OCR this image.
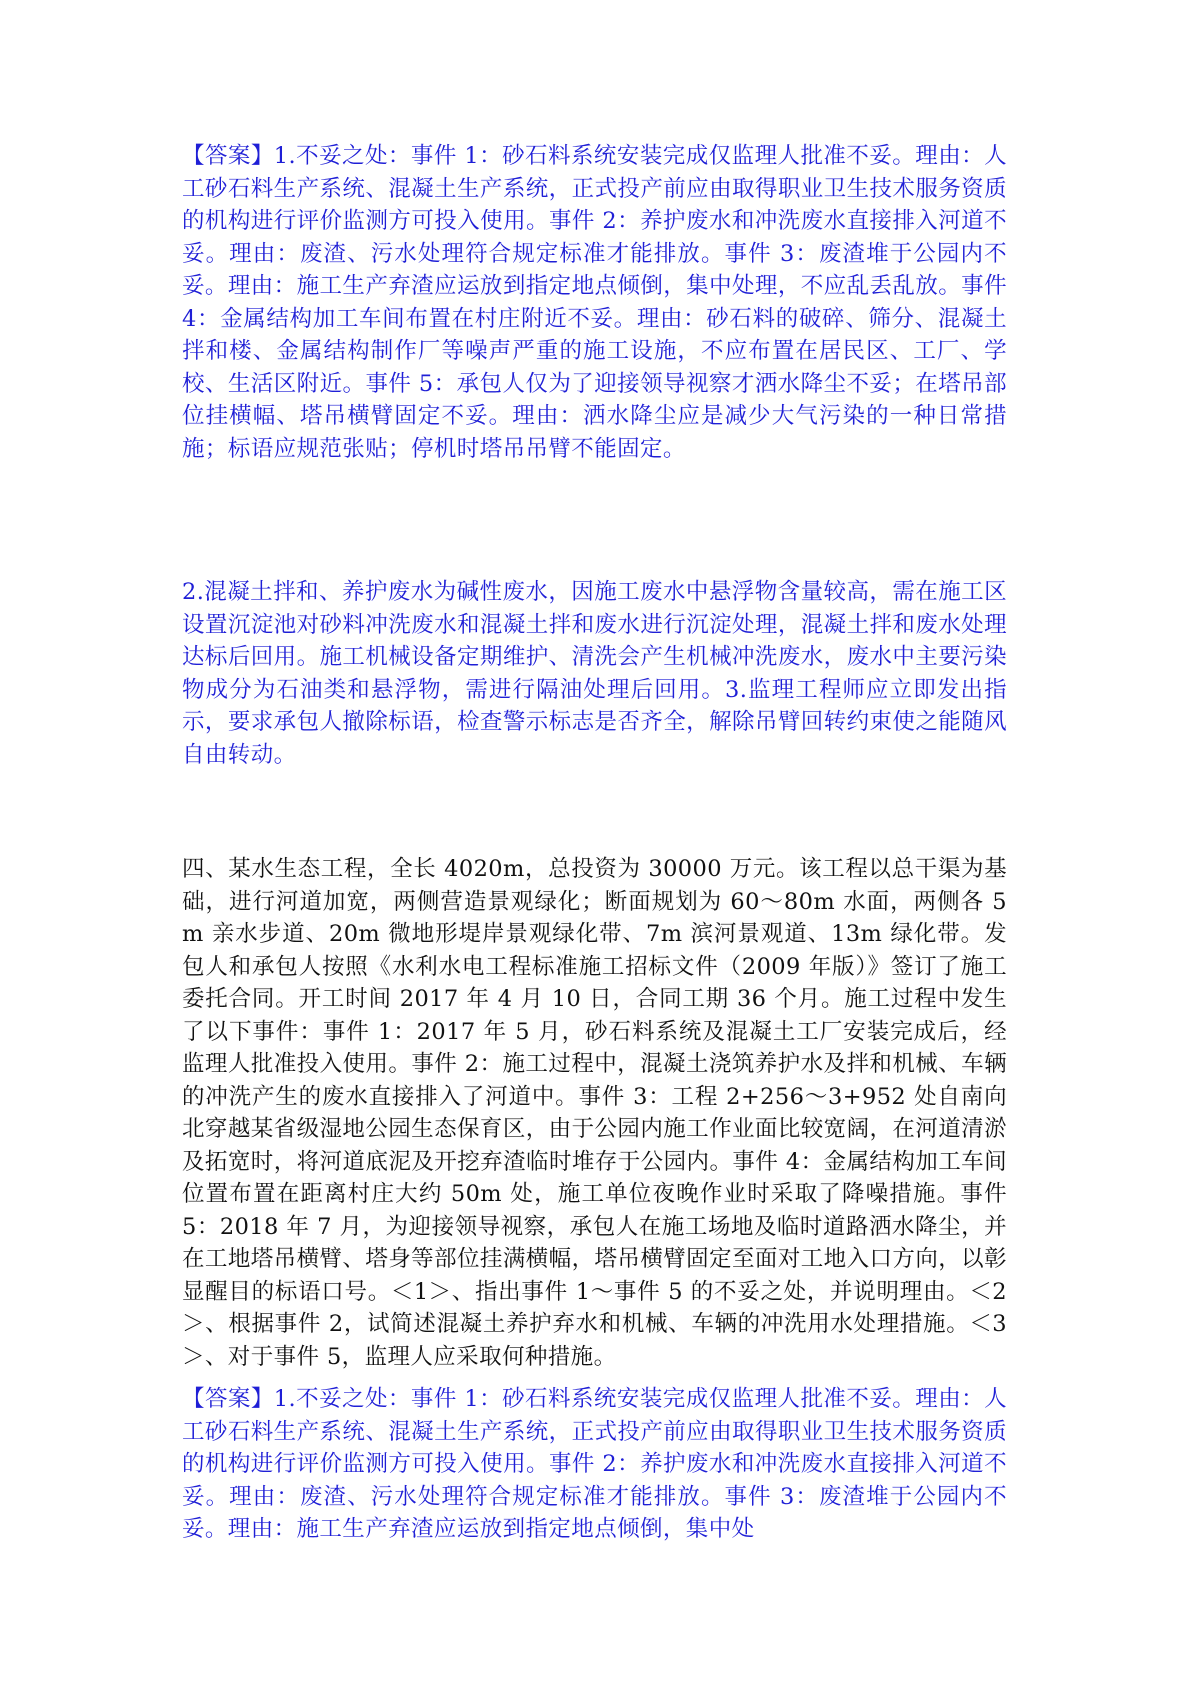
【答案】1.不妥之处：事件 1：砂石料系统安装完成仅监理人批准不妥。理由：人工砂石料生产系统、混凝土生产系统，正式投产前应由取得职业卫生技术服务资质的机构进行评价监测方可投入使用。事件 2：养护废水和冲洗废水直接排入河道不妥。理由：废渣、污水处理符合规定标准才能排放。事件 3：废渣堆于公园内不妥。理由：施工生产弃渣应运放到指定地点倾倒，集中处理，不应乱丢乱放。事件 4：金属结构加工车间布置在村庄附近不妥。理由：砂石料的破碎、筛分、混凝土拌和楼、金属结构制作厂等噪声严重的施工设施，不应布置在居民区、工厂、学校、生活区附近。事件 5：承包人仅为了迎接领导视察才洒水降尘不妥；在塔吊部位挂横幅、塔吊横臂固定不妥。理由：洒水降尘应是减少大气污染的一种日常措施；标语应规范张贴；停机时塔吊吊臂不能固定。

2.混凝土拌和、养护废水为碱性废水，因施工废水中悬浮物含量较高，需在施工区设置沉淀池对砂料冲洗废水和混凝土拌和废水进行沉淀处理，混凝土拌和废水处理达标后回用。施工机械设备定期维护、清洗会产生机械冲洗废水，废水中主要污染物成分为石油类和悬浮物，需进行隔油处理后回用。3.监理工程师应立即发出指示，要求承包人撤除标语，检查警示标志是否齐全，解除吊臂回转约束使之能随风自由转动。

四、某水生态工程，全长 4020m，总投资为 30000 万元。该工程以总干渠为基础，进行河道加宽，两侧营造景观绿化；断面规划为 60～80m 水面，两侧各 5m 亲水步道、20m 微地形堤岸景观绿化带、7m 滨河景观道、13m 绿化带。发包人和承包人按照《水利水电工程标准施工招标文件（2009 年版）》签订了施工委托合同。开工时间 2017 年 4 月 10 日，合同工期 36 个月。施工过程中发生了以下事件：事件 1：2017 年 5 月，砂石料系统及混凝土工厂安装完成后，经监理人批准投入使用。事件 2：施工过程中，混凝土浇筑养护水及拌和机械、车辆的冲洗产生的废水直接排入了河道中。事件 3：工程 2+256～3+952 处自南向北穿越某省级湿地公园生态保育区，由于公园内施工作业面比较宽阔，在河道清淤及拓宽时，将河道底泥及开挖弃渣临时堆存于公园内。事件 4：金属结构加工车间位置布置在距离村庄大约 50m 处，施工单位夜晚作业时采取了降噪措施。事件 5：2018 年 7 月，为迎接领导视察，承包人在施工场地及临时道路洒水降尘，并在工地塔吊横臂、塔身等部位挂满横幅，塔吊横臂固定至面对工地入口方向，以彰显醒目的标语口号。＜1＞、指出事件 1～事件 5 的不妥之处，并说明理由。＜2＞、根据事件 2，试简述混凝土养护弃水和机械、车辆的冲洗用水处理措施。＜3＞、对于事件 5，监理人应采取何种措施。

【答案】1.不妥之处：事件 1：砂石料系统安装完成仅监理人批准不妥。理由：人工砂石料生产系统、混凝土生产系统，正式投产前应由取得职业卫生技术服务资质的机构进行评价监测方可投入使用。事件 2：养护废水和冲洗废水直接排入河道不妥。理由：废渣、污水处理符合规定标准才能排放。事件 3：废渣堆于公园内不妥。理由：施工生产弃渣应运放到指定地点倾倒，集中处
